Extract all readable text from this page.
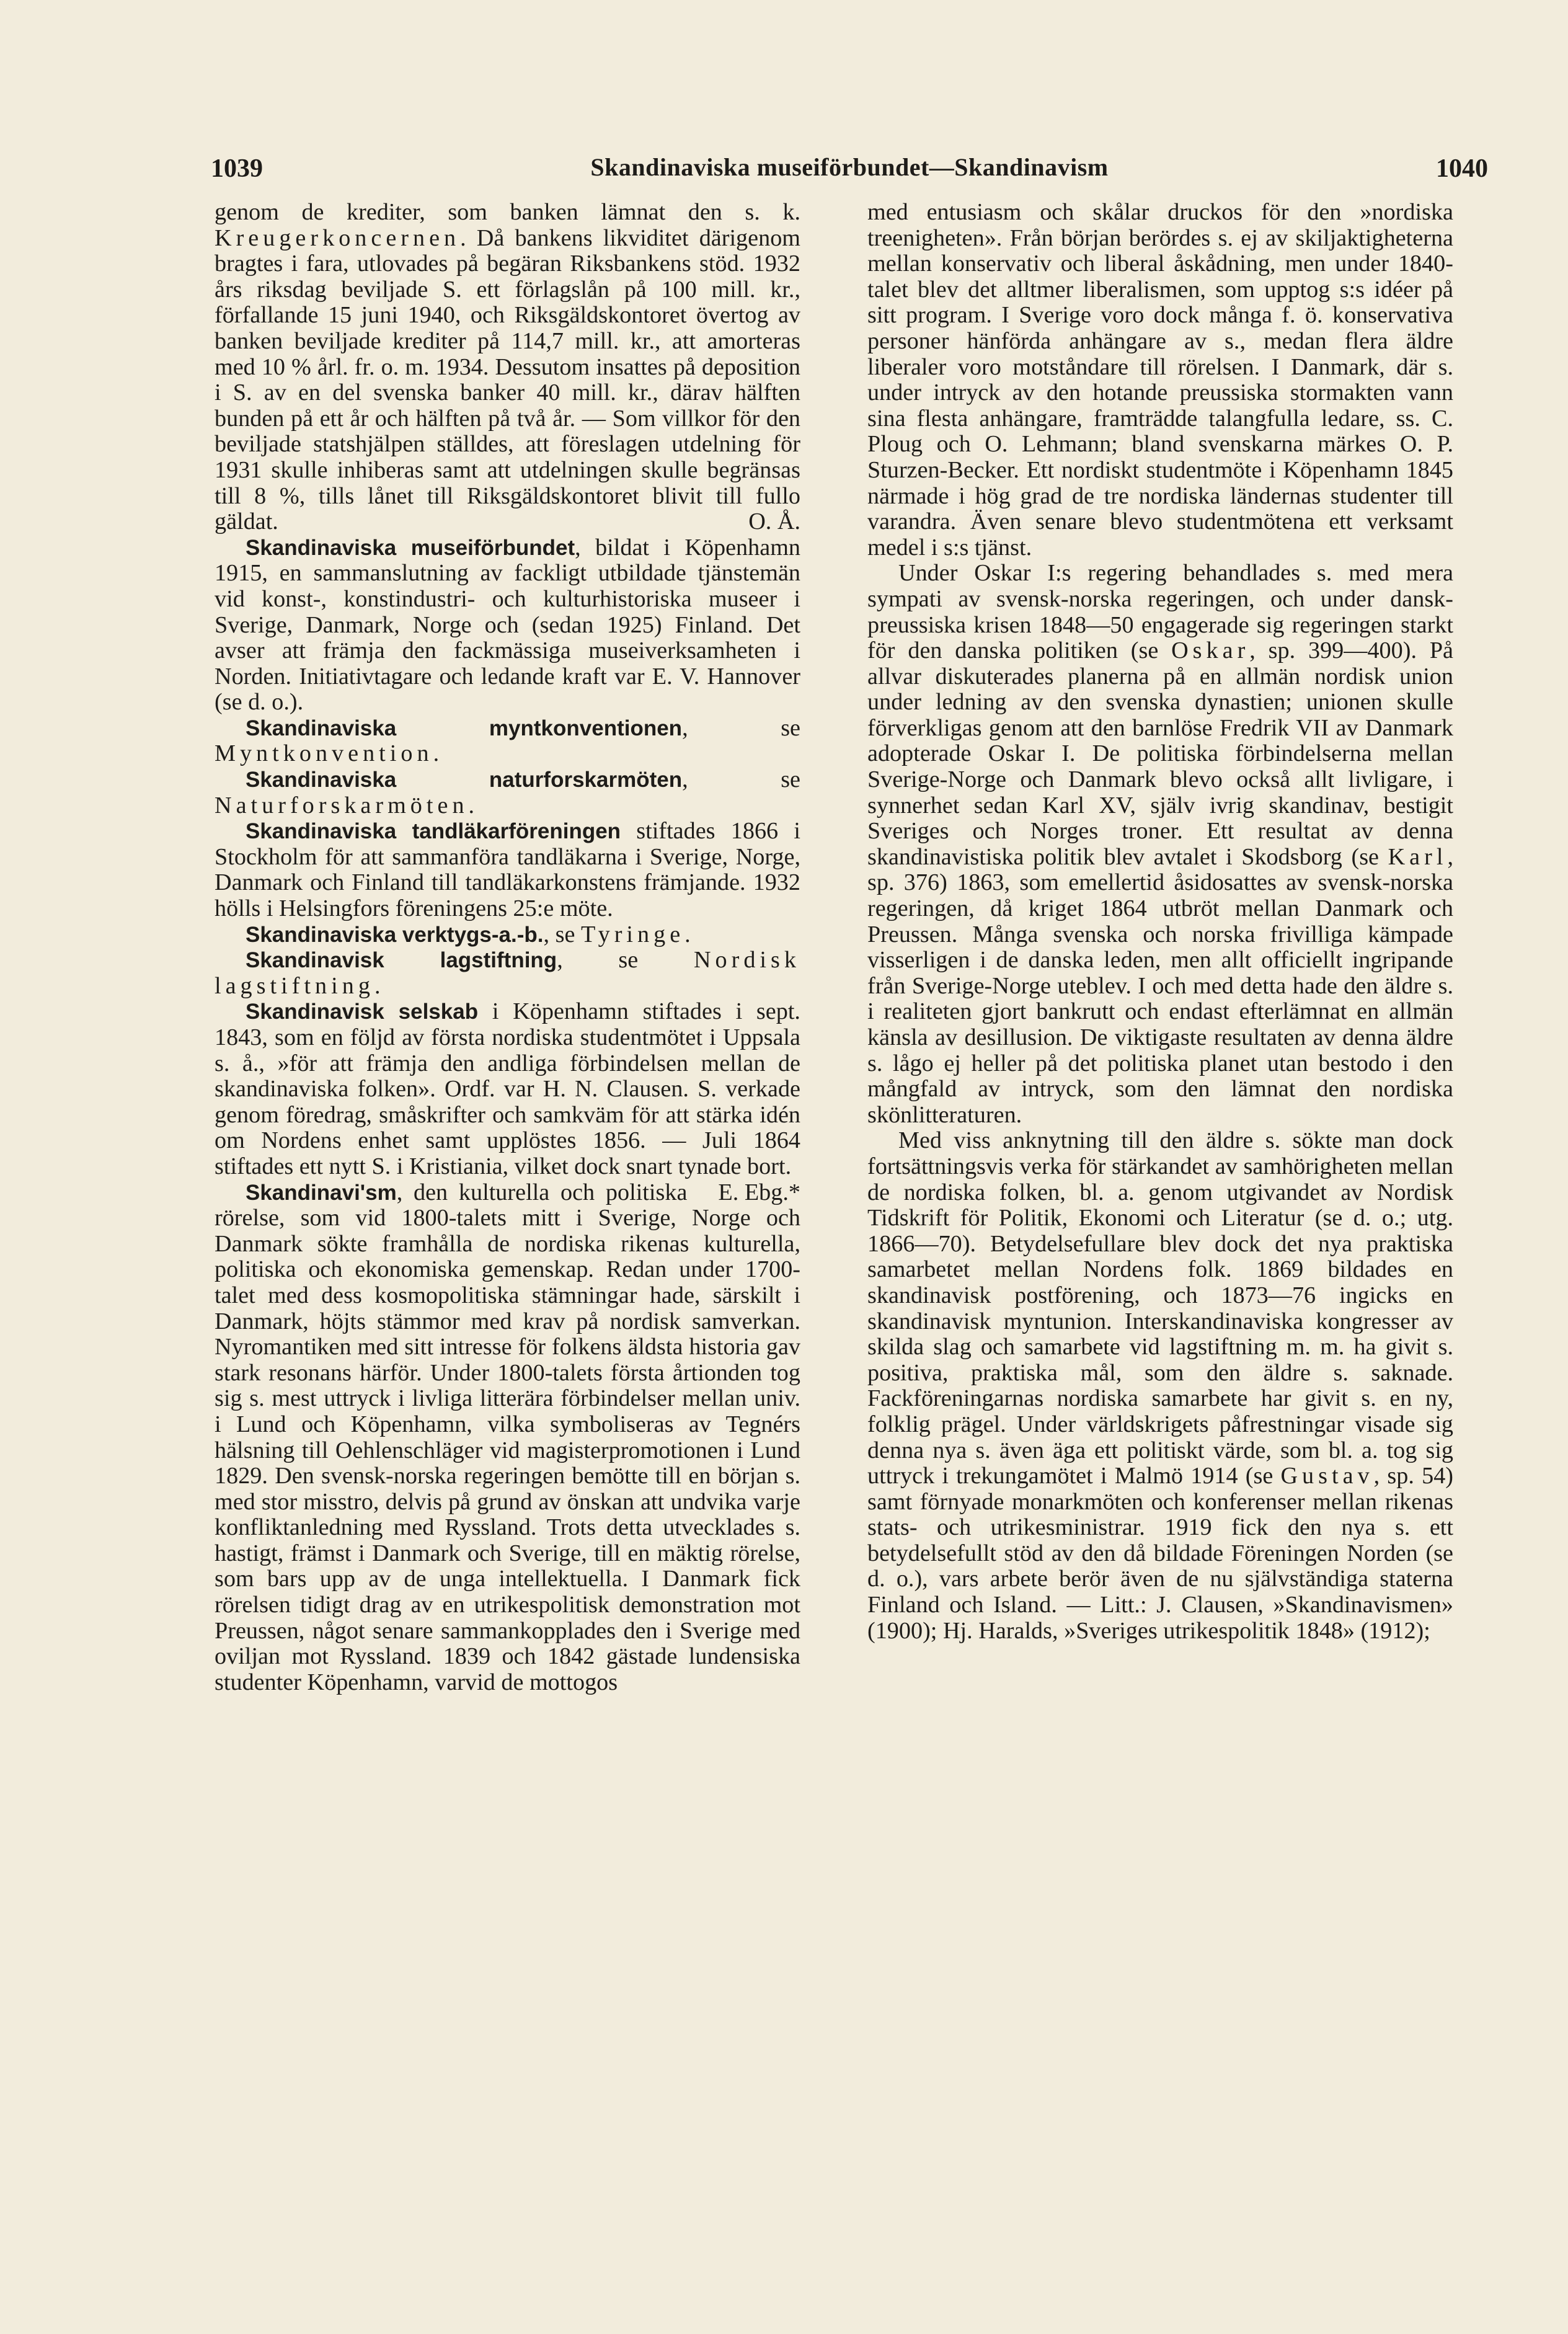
1039	Skandinaviska museiförbundet—Skandinavism	1040

genom de krediter, som banken lämnat den s. k. Kreugerkoncernen. Då bankens likviditet därigenom bragtes i fara, utlovades på begäran Riksbankens stöd. 1932 års riksdag beviljade S. ett förlagslån på 100 mill. kr., förfallande 15 juni 1940, och Riksgäldskontoret övertog av banken beviljade krediter på 114,7 mill. kr., att amorteras med 10 % årl. fr. o. m. 1934. Dessutom insattes på deposition i S. av en del svenska banker 40 mill. kr., därav hälften bunden på ett år och hälften på två år. — Som villkor för den beviljade statshjälpen ställdes, att föreslagen utdelning för 1931 skulle inhiberas samt att utdelningen skulle begränsas till 8 %, tills lånet till Riksgäldskontoret blivit till fullo gäldat.	O. Å.

Skandinaviska museiförbundet, bildat i Köpenhamn 1915, en sammanslutning av fackligt utbildade tjänstemän vid konst-, konstindustri- och kulturhistoriska museer i Sverige, Danmark, Norge och (sedan 1925) Finland. Det avser att främja den fackmässiga museiverksamheten i Norden. Initiativtagare och ledande kraft var E. V. Hannover (se d. o.).

Skandinaviska myntkonventionen, se Myntkonvention.

Skandinaviska naturforskarmöten, se Naturforskarmöten.

Skandinaviska tandläkarföreningen stiftades 1866 i Stockholm för att sammanföra tandläkarna i Sverige, Norge, Danmark och Finland till tandläkarkonstens främjande. 1932 hölls i Helsingfors föreningens 25:e möte.

Skandinaviska verktygs-a.-b., se Tyringe.

Skandinavisk lagstiftning, se Nordisk lagstiftning.

Skandinavisk selskab i Köpenhamn stiftades i sept. 1843, som en följd av första nordiska studentmötet i Uppsala s. å., »för att främja den andliga förbindelsen mellan de skandinaviska folken». Ordf. var H. N. Clausen. S. verkade genom föredrag, småskrifter och samkväm för att stärka idén om Nordens enhet samt upplöstes 1856. — Juli 1864 stiftades ett nytt S. i Kristiania, vilket dock snart tynade bort.
E. Ebg.*

Skandinavi'sm, den kulturella och politiska rörelse, som vid 1800-talets mitt i Sverige, Norge och Danmark sökte framhålla de nordiska rikenas kulturella, politiska och ekonomiska gemenskap. Redan under 1700-talet med dess kosmopolitiska stämningar hade, särskilt i Danmark, höjts stämmor med krav på nordisk samverkan. Nyromantiken med sitt intresse för folkens äldsta historia gav stark resonans härför. Under 1800-talets första årtionden tog sig s. mest uttryck i livliga litterära förbindelser mellan univ. i Lund och Köpenhamn, vilka symboliseras av Tegnérs hälsning till Oehlenschläger vid magisterpromotionen i Lund 1829. Den svensk-norska regeringen bemötte till en början s. med stor misstro, delvis på grund av önskan att undvika varje konfliktanledning med Ryssland. Trots detta utvecklades s. hastigt, främst i Danmark och Sverige, till en mäktig rörelse, som bars upp av de unga intellektuella. I Danmark fick rörelsen tidigt drag av en utrikespolitisk demonstration mot Preussen, något senare sammankopplades den i Sverige med oviljan mot Ryssland. 1839 och 1842 gästade lundensiska studenter Köpenhamn, varvid de mottogos

med entusiasm och skålar druckos för den »nordiska treenigheten». Från början berördes s. ej av skiljaktigheterna mellan konservativ och liberal åskådning, men under 1840-talet blev det alltmer liberalismen, som upptog s:s idéer på sitt program. I Sverige voro dock många f. ö. konservativa personer hänförda anhängare av s., medan flera äldre liberaler voro motståndare till rörelsen. I Danmark, där s. under intryck av den hotande preussiska stormakten vann sina flesta anhängare, framträdde talangfulla ledare, ss. C. Ploug och O. Lehmann; bland svenskarna märkes O. P. Sturzen-Becker. Ett nordiskt studentmöte i Köpenhamn 1845 närmade i hög grad de tre nordiska ländernas studenter till varandra. Även senare blevo studentmötena ett verksamt medel i s:s tjänst.

Under Oskar I:s regering behandlades s. med mera sympati av svensk-norska regeringen, och under dansk-preussiska krisen 1848—50 engagerade sig regeringen starkt för den danska politiken (se Oskar, sp. 399—400). På allvar diskuterades planerna på en allmän nordisk union under ledning av den svenska dynastien; unionen skulle förverkligas genom att den barnlöse Fredrik VII av Danmark adopterade Oskar I. De politiska förbindelserna mellan Sverige-Norge och Danmark blevo också allt livligare, i synnerhet sedan Karl XV, själv ivrig skandinav, bestigit Sveriges och Norges troner. Ett resultat av denna skandinavistiska politik blev avtalet i Skodsborg (se Karl, sp. 376) 1863, som emellertid åsidosattes av svensk-norska regeringen, då kriget 1864 utbröt mellan Danmark och Preussen. Många svenska och norska frivilliga kämpade visserligen i de danska leden, men allt officiellt ingripande från Sverige-Norge uteblev. I och med detta hade den äldre s. i realiteten gjort bankrutt och endast efterlämnat en allmän känsla av desillusion. De viktigaste resultaten av denna äldre s. lågo ej heller på det politiska planet utan bestodo i den mångfald av intryck, som den lämnat den nordiska skönlitteraturen.

Med viss anknytning till den äldre s. sökte man dock fortsättningsvis verka för stärkandet av samhörigheten mellan de nordiska folken, bl. a. genom utgivandet av Nordisk Tidskrift för Politik, Ekonomi och Literatur (se d. o.; utg. 1866—70). Betydelsefullare blev dock det nya praktiska samarbetet mellan Nordens folk. 1869 bildades en skandinavisk postförening, och 1873—76 ingicks en skandinavisk myntunion. Interskandinaviska kongresser av skilda slag och samarbete vid lagstiftning m. m. ha givit s. positiva, praktiska mål, som den äldre s. saknade. Fackföreningarnas nordiska samarbete har givit s. en ny, folklig prägel. Under världskrigets påfrestningar visade sig denna nya s. även äga ett politiskt värde, som bl. a. tog sig uttryck i trekungamötet i Malmö 1914 (se Gustav, sp. 54) samt förnyade monarkmöten och konferenser mellan rikenas stats- och utrikesministrar. 1919 fick den nya s. ett betydelsefullt stöd av den då bildade Föreningen Norden (se d. o.), vars arbete berör även de nu självständiga staterna Finland och Island. — Litt.: J. Clausen, »Skandinavismen» (1900); Hj. Haralds, »Sveriges utrikespolitik 1848» (1912);
